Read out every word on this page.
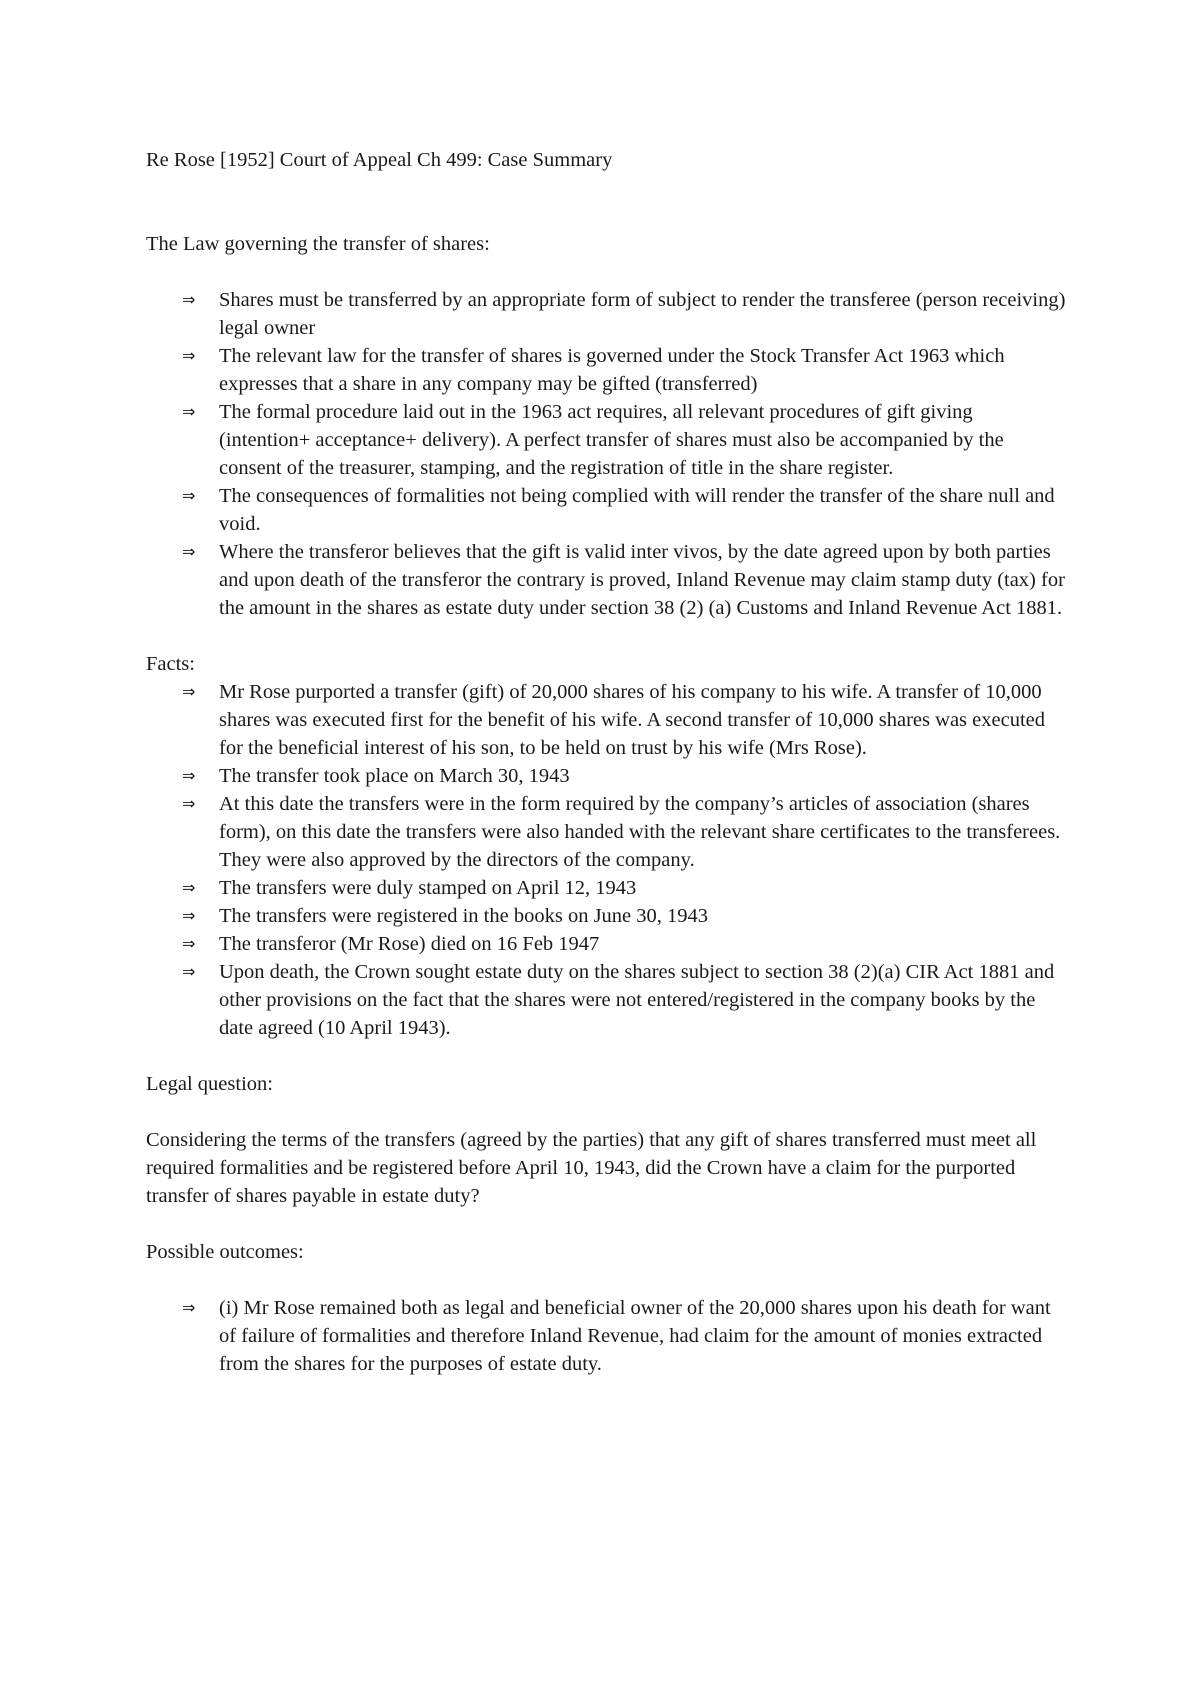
Re Rose [1952] Court of Appeal Ch 499: Case Summary

The Law governing the transfer of shares:

⇒ Shares must be transferred by an appropriate form of subject to render the transferee (person receiving) legal owner
⇒ The relevant law for the transfer of shares is governed under the Stock Transfer Act 1963 which expresses that a share in any company may be gifted (transferred)
⇒ The formal procedure laid out in the 1963 act requires, all relevant procedures of gift giving (intention+ acceptance+ delivery). A perfect transfer of shares must also be accompanied by the consent of the treasurer, stamping, and the registration of title in the share register.
⇒ The consequences of formalities not being complied with will render the transfer of the share null and void.
⇒ Where the transferor believes that the gift is valid inter vivos, by the date agreed upon by both parties and upon death of the transferor the contrary is proved, Inland Revenue may claim stamp duty (tax) for the amount in the shares as estate duty under section 38 (2) (a) Customs and Inland Revenue Act 1881.

Facts:

⇒ Mr Rose purported a transfer (gift) of 20,000 shares of his company to his wife. A transfer of 10,000 shares was executed first for the benefit of his wife. A second transfer of 10,000 shares was executed for the beneficial interest of his son, to be held on trust by his wife (Mrs Rose).
⇒ The transfer took place on March 30, 1943
⇒ At this date the transfers were in the form required by the company’s articles of association (shares form), on this date the transfers were also handed with the relevant share certificates to the transferees. They were also approved by the directors of the company.
⇒ The transfers were duly stamped on April 12, 1943
⇒ The transfers were registered in the books on June 30, 1943
⇒ The transferor (Mr Rose) died on 16 Feb 1947
⇒ Upon death, the Crown sought estate duty on the shares subject to section 38 (2)(a) CIR Act 1881 and other provisions on the fact that the shares were not entered/registered in the company books by the date agreed (10 April 1943).

Legal question:

Considering the terms of the transfers (agreed by the parties) that any gift of shares transferred must meet all required formalities and be registered before April 10, 1943, did the Crown have a claim for the purported transfer of shares payable in estate duty?

Possible outcomes:

⇒ (i) Mr Rose remained both as legal and beneficial owner of the 20,000 shares upon his death for want of failure of formalities and therefore Inland Revenue, had claim for the amount of monies extracted from the shares for the purposes of estate duty.
